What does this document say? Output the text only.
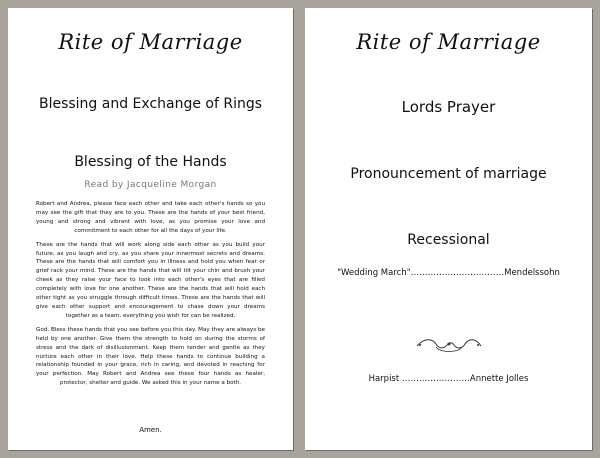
Rite of Marriage
Blessing and Exchange of Rings
Blessing of the Hands
Read by Jacqueline Morgan

Robert and Andrea, please face each other and take each other's hands so you may see the gift that they are to you. These are the hands of your best friend, young and strong and vibrant with love, as you promise your love and commitment to each other for all the days of your life.

These are the hands that will work along side each other as you build your future, as you laugh and cry, as you share your innermost secrets and dreams. These are the hands that will comfort you in illness and hold you when fear or grief rack your mind. These are the hands that will tilt your chin and brush your cheek as they raise your face to look into each other's eyes that are filled completely with love for one another. These are the hands that will hold each other tight as you struggle through difficult times. These are the hands that will give each other support and encouragement to chase down your dreams together as a team, everything you wish for can be realized.

God, Bless these hands that you see before you this day. May they are always be held by one another. Give them the strength to hold on during the storms of stress and the dark of disillusionment. Keep them tender and gentle as they nurture each other in their love. Help these hands to continue building a relationship founded in your grace, rich in caring, and devoted in reaching for your perfection. May Robert and Andrea see these four hands as healer, protector, shelter and guide. We asked this in your name a both.

Amen.
Rite of Marriage
Lords Prayer
Pronouncement of marriage
Recessional
"Wedding March"……………………………Mendelssohn
Harpist ……………………Annette Jolles
